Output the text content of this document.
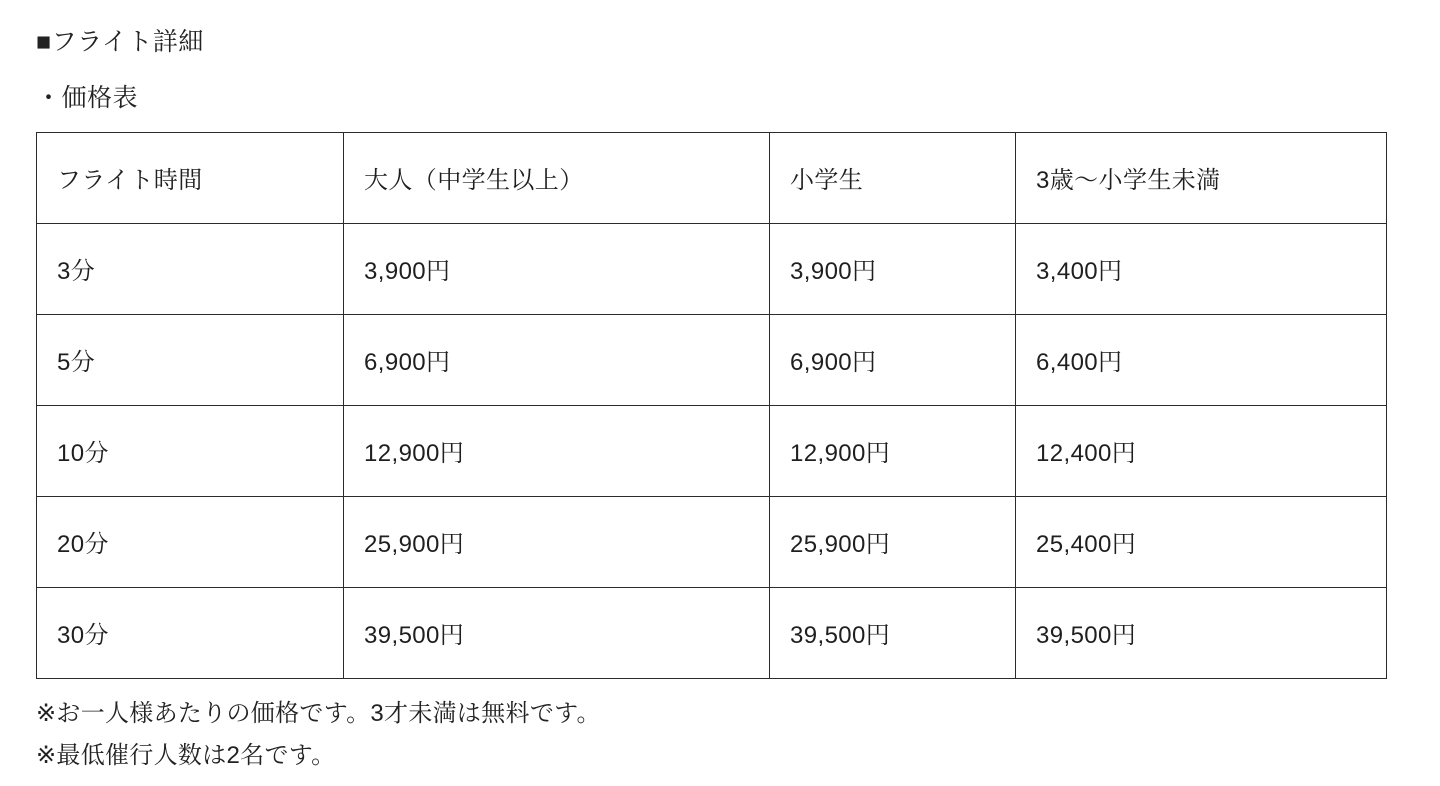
■フライト詳細

・価格表

フライト時間	大人（中学生以上）	小学生	3歳〜小学生未満
3分	3,900円	3,900円	3,400円
5分	6,900円	6,900円	6,400円
10分	12,900円	12,900円	12,400円
20分	25,900円	25,900円	25,400円
30分	39,500円	39,500円	39,500円
※お一人様あたりの価格です。3才未満は無料です。
※最低催行人数は2名です。
